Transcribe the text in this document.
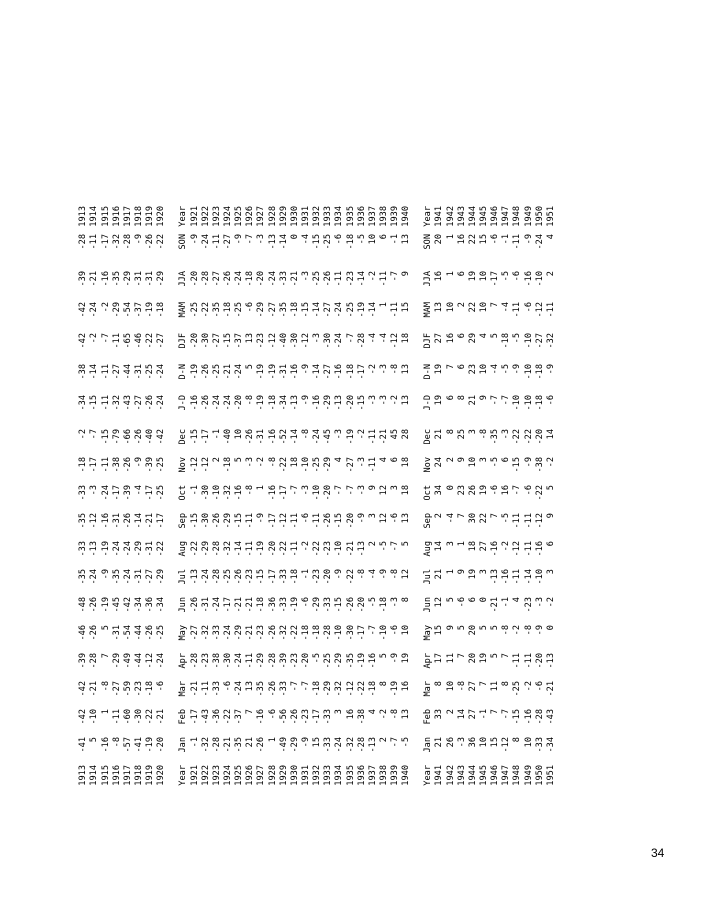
1913	-41	-42	-42	-39	-46	-48	-35	-33	-35	-33	-18	-2	-34	-38	-42	-42	-39	-28	1913
1914	5	-10	-21	-28	-26	-26	-24	-13	-12	-3	-17	-7	-15	-14	-2	-24	-21	-11	1914
1915	-16	1	-8	7	5	-19	-9	-19	-16	-24	-11	-15	-11	-11	-7	-2	-16	-17	1915
1916	-8	-11	-27	-29	-31	-45	-35	-24	-31	-17	-38	-79	-32	-27	-11	-29	-35	-32	1916
1917	-57	-60	-59	-49	-54	-42	-24	-24	-26	-39	-26	-66	-43	-44	-65	-54	-29	-28	1917
1918	-41	-30	-23	-44	-44	-34	-31	-29	-14	-4	-9	-26	-27	-31	-46	-37	-31	-9	1918
1919	-19	-22	-18	-12	-26	-36	-27	-31	-21	-17	-39	-40	-26	-25	-22	-19	-31	-26	1919
1920	-20	-21	-6	-24	-25	-34	-29	-22	-17	-25	-25	-42	-24	-24	-27	-18	-29	-22	1920
Year	Jan	Feb	Mar	Apr	May	Jun	Jul	Aug	Sep	Oct	Nov	Dec	J-D	D-N	DJF	MAM	JJA	SON	Year
1921	-1	-17	-21	-28	-27	-26	-13	-22	-15	-1	-12	-15	-16	-19	-20	-25	-20	-9	1921
1922	-32	-43	-11	-23	-32	-31	-24	-29	-30	-30	-12	-17	-26	-26	-30	-22	-28	-24	1922
1923	-28	-36	-33	-38	-33	-24	-28	-28	-26	-10	2	-1	-24	-25	-27	-35	-27	-11	1923
1924	-21	-22	-6	-30	-24	-17	-25	-32	-29	-32	-18	-40	-24	-21	-15	-18	-26	-27	1924
1925	-35	-37	-24	-24	-29	-21	-26	-14	-15	-16	5	10	-20	-24	-37	-25	-24	-9	1925
1926	21	7	13	-11	-21	-21	-23	-11	-11	-8	-3	-26	-8	5	13	-6	-18	-7	1926
1927	-26	-16	-35	-29	-23	-18	-15	-19	-9	1	-2	-31	-19	-19	-23	-29	-20	-3	1927
1928	1	-6	-26	-28	-26	-36	-17	-20	-17	-16	-8	-16	-18	-19	-12	-27	-24	-13	1928
1929	-49	-56	-33	-39	-32	-33	-33	-22	-12	-17	-22	-52	-34	-31	-40	-35	-33	-14	1929
1930	-29	-26	-7	-23	-22	-19	-18	-11	-11	-7	18	-14	-13	-16	-30	-18	-21	0	1930
1931	-9	-23	-7	-20	-18	-6	-1	-2	-6	-3	-10	-8	-9	-9	-12	-15	-3	-4	1931
1932	15	-17	-18	-5	-18	-29	-23	-22	-11	-10	-25	-24	-16	-14	-3	-14	-25	-15	1932
1933	-33	-33	-29	-25	-28	-33	-20	-23	-26	-20	-29	-45	-29	-27	-30	-27	-26	-25	1933
1934	-24	3	-32	-29	-10	-15	-9	-10	-15	-7	4	-3	-13	-16	-24	-24	-11	-6	1934
1935	-32	16	-12	-35	-30	-26	-22	-21	-20	-7	-27	-19	-20	-18	-7	-25	-23	-18	1935
1936	-28	-38	-22	-19	-17	-20	-8	-13	-9	-3	-3	-2	-15	-17	-28	-19	-14	-5	1936
1937	-13	4	-18	-16	-7	-5	-4	2	3	9	-11	-11	-3	-2	-4	-14	-2	10	1937
1938	2	-2	8	5	-10	-18	-9	-5	12	12	4	-21	-3	-3	-4	1	-11	6	1938
1939	-7	-8	-19	-9	-6	-3	-8	-7	-6	3	6	45	-2	-8	-12	-11	-7	-1	1939
1940	-5	13	16	19	10	8	12	5	13	18	18	28	13	13	18	15	9	13	1940
Year	Jan	Feb	Mar	Apr	May	Jun	Jul	Aug	Sep	Oct	Nov	Dec	J-D	D-N	DJF	MAM	JJA	SON	Year
1941	21	33	8	17	15	12	21	14	2	34	24	21	19	19	27	13	16	20	1941
1942	26	2	10	11	9	5	1	3	-4	0	2	8	6	7	16	10	1	1	1942
1943	-3	14	-8	7	5	-6	9	1	7	23	9	25	8	6	6	2	6	16	1943
1944	36	27	27	20	20	6	19	18	30	26	10	3	21	23	29	22	19	22	1944
1945	10	-1	7	19	5	0	3	27	22	19	3	-8	9	10	4	10	10	15	1945
1946	15	7	11	5	5	-21	-13	-16	7	-6	-5	-35	-7	-4	5	7	-17	-6	1946
1947	-12	-7	8	7	-8	-1	-16	-2	-5	16	6	-3	-7	-5	-18	-4	-5	-1	1947
1948	8	-15	-25	-11	-2	4	-11	-12	-11	-7	-15	-22	-10	-9	-5	-11	-6	-11	1948
1949	10	-16	-2	-11	-8	-23	-14	-11	-11	-6	-9	-22	-10	-10	-10	-6	-16	-9	1949
1950	-33	-28	-6	-20	-9	-3	-10	-16	-12	-22	-38	-20	-18	-18	-27	-12	-10	-24	1950
1951	-34	-43	-21	-13	0	-2	3	6	9	5	-2	14	-6	-9	-32	-11	2	4	1951
34
